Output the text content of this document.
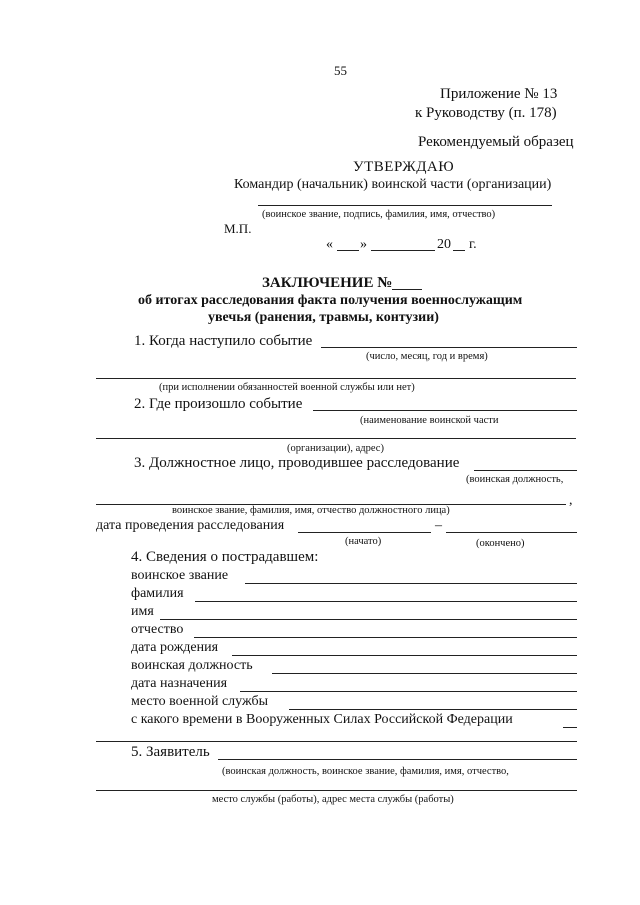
55
Приложение № 13
к Руководству (п. 178)
Рекомендуемый образец
УТВЕРЖДАЮ
Командир (начальник) воинской части (организации)
(воинское звание, подпись, фамилия, имя, отчество)
М.П.
« »	20 г.
ЗАКЛЮЧЕНИЕ №
об итогах расследования факта получения военнослужащим
увечья (ранения, травмы, контузии)
1. Когда наступило событие
(число, месяц, год и время)
(при исполнении обязанностей военной службы или нет)
2. Где произошло событие
(наименование воинской части
(организации), адрес)
3. Должностное лицо, проводившее расследование
(воинская должность,
,
воинское звание, фамилия, имя, отчество должностного лица)
дата проведения расследования	–
(начато)	(окончено)
4. Сведения о пострадавшем:
воинское звание
фамилия
имя
отчество
дата рождения
воинская должность
дата назначения
место военной службы
с какого времени в Вооруженных Силах Российской Федерации
5. Заявитель
(воинская должность, воинское звание, фамилия, имя, отчество,
место службы (работы), адрес места службы (работы)
